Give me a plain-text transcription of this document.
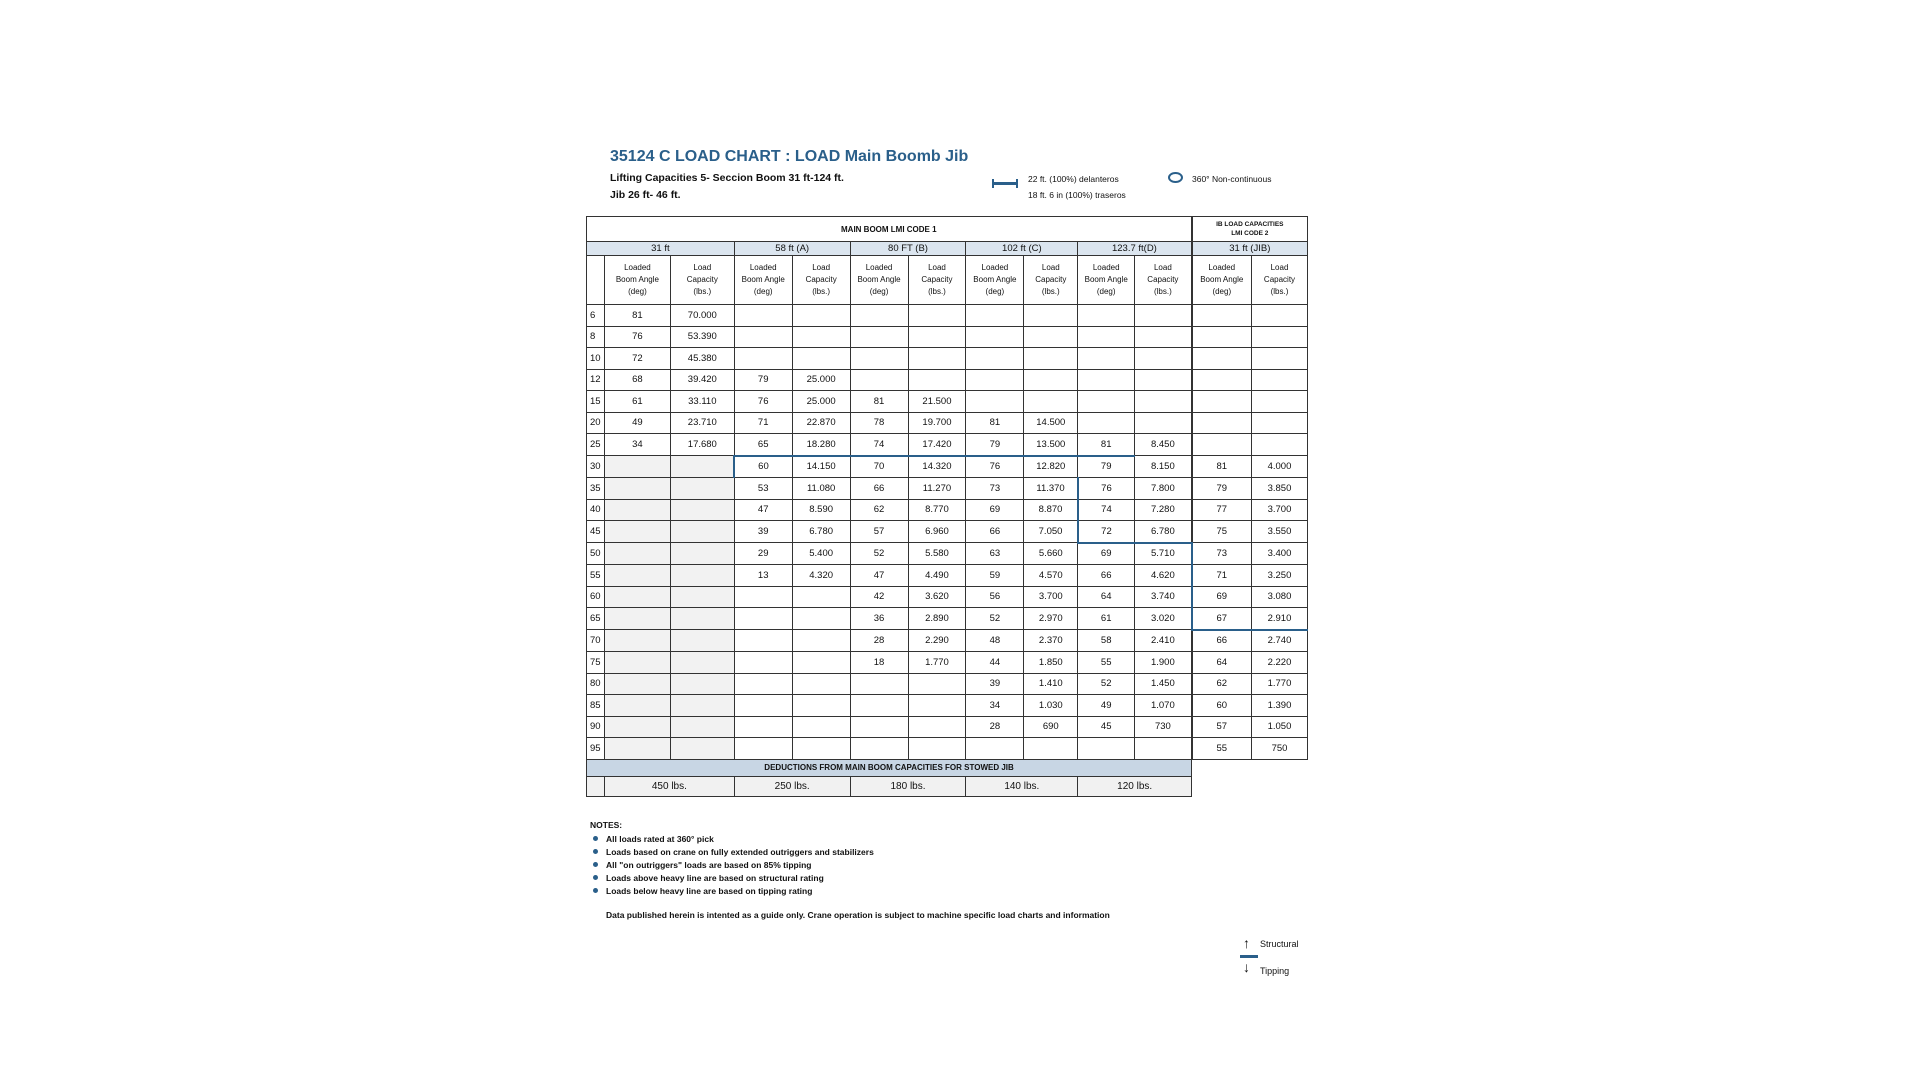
35124 C LOAD CHART : LOAD Main Boomb Jib
Lifting Capacities 5- Seccion Boom 31 ft-124 ft.
Jib 26 ft- 46 ft.
22 ft. (100%) delanteros
18 ft. 6 in (100%) traseros
360° Non-continuous
MAIN BOOM LMI CODE 1											IB LOAD CAPACITIES
LMI CODE 2	
31 ft			58 ft (A)		80 FT (B)		102 ft (C)		123.7 ft(D)		31 ft (JIB)	
	Loaded
Boom Angle
(deg)	Load
Capacity
(lbs.)	Loaded
Boom Angle
(deg)	Load
Capacity
(lbs.)	Loaded
Boom Angle
(deg)	Load
Capacity
(lbs.)	Loaded
Boom Angle
(deg)	Load
Capacity
(lbs.)	Loaded
Boom Angle
(deg)	Load
Capacity
(lbs.)	Loaded
Boom Angle
(deg)	Load
Capacity
(lbs.)
6	81	70.000										
8	76	53.390										
10	72	45.380										
12	68	39.420	79	25.000								
15	61	33.110	76	25.000	81	21.500						
20	49	23.710	71	22.870	78	19.700	81	14.500				
25	34	17.680	65	18.280	74	17.420	79	13.500	81	8.450		
30			60	14.150	70	14.320	76	12.820	79	8.150	81	4.000
35			53	11.080	66	11.270	73	11.370	76	7.800	79	3.850
40			47	8.590	62	8.770	69	8.870	74	7.280	77	3.700
45			39	6.780	57	6.960	66	7.050	72	6.780	75	3.550
50			29	5.400	52	5.580	63	5.660	69	5.710	73	3.400
55			13	4.320	47	4.490	59	4.570	66	4.620	71	3.250
60					42	3.620	56	3.700	64	3.740	69	3.080
65					36	2.890	52	2.970	61	3.020	67	2.910
70					28	2.290	48	2.370	58	2.410	66	2.740
75					18	1.770	44	1.850	55	1.900	64	2.220
80							39	1.410	52	1.450	62	1.770
85							34	1.030	49	1.070	60	1.390
90							28	690	45	730	57	1.050
95											55	750
DEDUCTIONS FROM MAIN BOOM CAPACITIES FOR STOWED JIB												
	450 lbs.		250 lbs.		180 lbs.		140 lbs.		120 lbs.			
↑
↓
Structural
Tipping
NOTES:
All loads rated at 360° pick
Loads based on crane on fully extended outriggers and stabilizers
All "on outriggers" loads are based on 85% tipping
Loads above heavy line are based on structural rating
Loads below heavy line are based on tipping rating
Data published herein is intented as a guide only. Crane operation is subject to machine specific load charts and information
